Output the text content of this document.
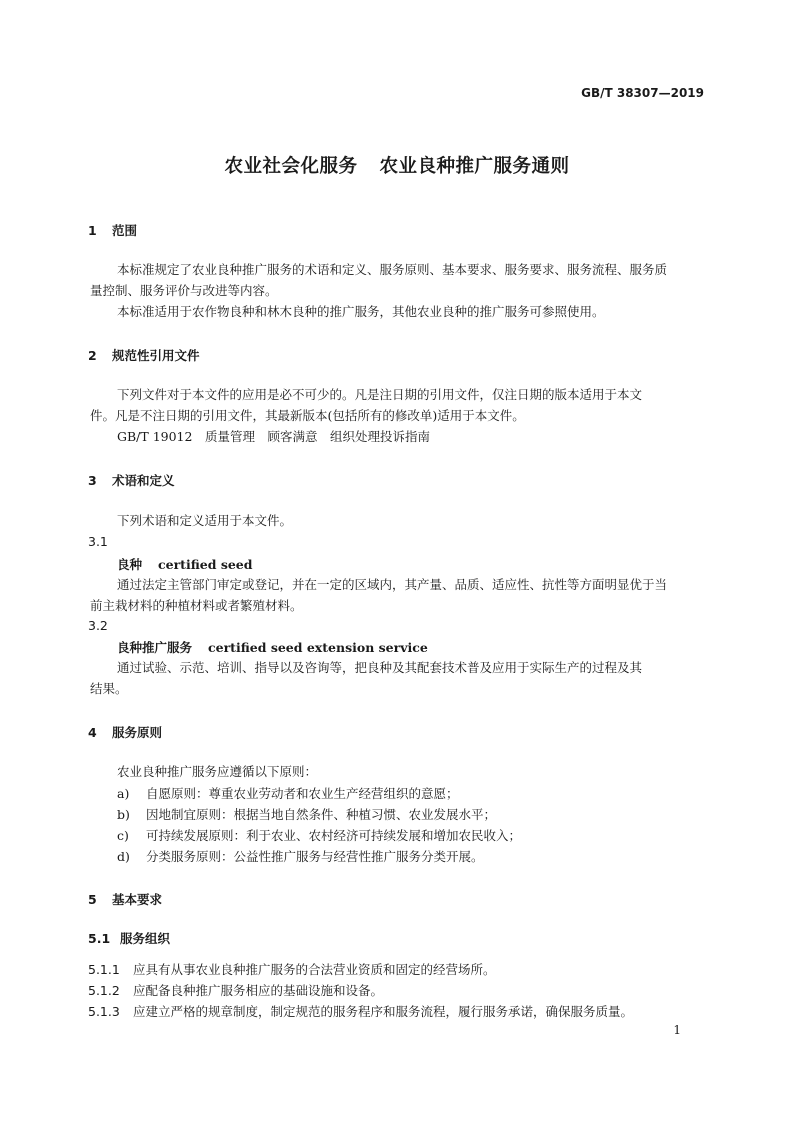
GB/T 38307—2019
农业社会化服务 农业良种推广服务通则
1 范围
本标准规定了农业良种推广服务的术语和定义、服务原则、基本要求、服务要求、服务流程、服务质
量控制、服务评价与改进等内容。
本标准适用于农作物良种和林木良种的推广服务，其他农业良种的推广服务可参照使用。
2 规范性引用文件
下列文件对于本文件的应用是必不可少的。凡是注日期的引用文件，仅注日期的版本适用于本文
件。凡是不注日期的引用文件，其最新版本(包括所有的修改单)适用于本文件。
GB/T 19012　质量管理　顾客满意　组织处理投诉指南
3 术语和定义
下列术语和定义适用于本文件。
3.1
良种 certified seed
通过法定主管部门审定或登记，并在一定的区域内，其产量、品质、适应性、抗性等方面明显优于当
前主栽材料的种植材料或者繁殖材料。
3.2
良种推广服务 certified seed extension service
通过试验、示范、培训、指导以及咨询等，把良种及其配套技术普及应用于实际生产的过程及其
结果。
4 服务原则
农业良种推广服务应遵循以下原则：
a) 自愿原则：尊重农业劳动者和农业生产经营组织的意愿；
b) 因地制宜原则：根据当地自然条件、种植习惯、农业发展水平；
c) 可持续发展原则：利于农业、农村经济可持续发展和增加农民收入；
d) 分类服务原则：公益性推广服务与经营性推广服务分类开展。
5 基本要求
5.1 服务组织
5.1.1 应具有从事农业良种推广服务的合法营业资质和固定的经营场所。
5.1.2 应配备良种推广服务相应的基础设施和设备。
5.1.3 应建立严格的规章制度，制定规范的服务程序和服务流程，履行服务承诺，确保服务质量。
1
